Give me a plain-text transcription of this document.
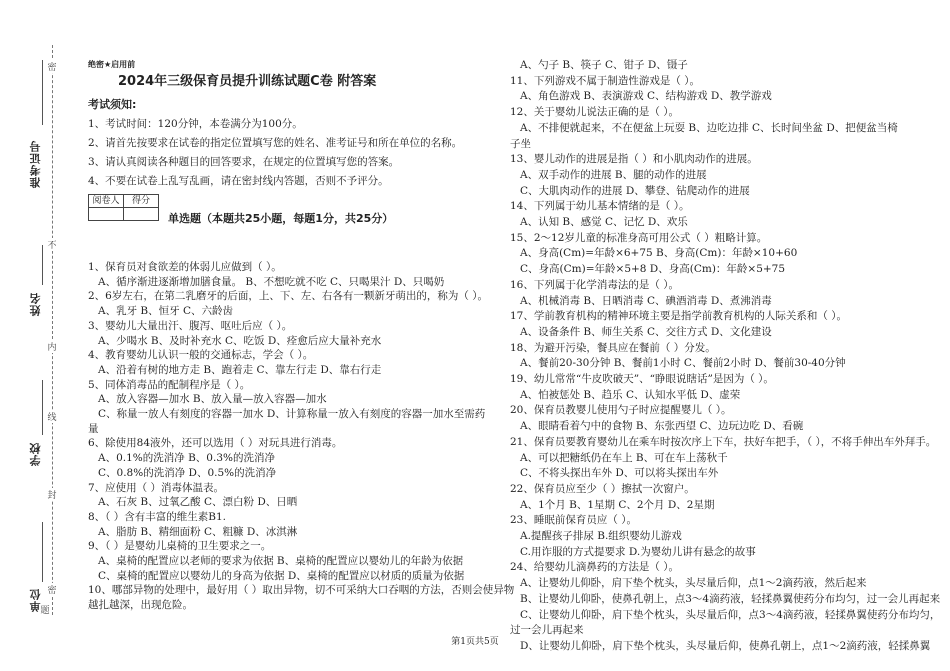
密
不
内
线
封
密
题
准考证号
姓名
学校
单位
绝密★启用前
2024年三级保育员提升训练试题C卷 附答案
考试须知:
1、考试时间：120分钟，本卷满分为100分。
2、请首先按要求在试卷的指定位置填写您的姓名、准考证号和所在单位的名称。
3、请认真阅读各种题目的回答要求，在规定的位置填写您的答案。
4、不要在试卷上乱写乱画，请在密封线内答题，否则不予评分。
阅卷人	得分

单选题（本题共25小题，每题1分，共25分）
1、保育员对食欲差的体弱儿应做到（ ）。
A、循序渐进逐渐增加膳食量。 B、不想吃就不吃 C、只喝果汁 D、只喝奶
2、6岁左右，在第二乳磨牙的后面，上、下、左、右各有一颗新牙萌出的，称为（ ）。
A、乳牙 B、恒牙 C、六龄齿
3、婴幼儿大量出汗、腹泻、呕吐后应（ ）。
A、少喝水 B、及时补充水 C、吃饭 D、痊愈后应大量补充水
4、教育婴幼儿认识一般的交通标志，学会（ ）。
A、沿着有树的地方走 B、跑着走 C、靠左行走 D、靠右行走
5、同体消毒品的配制程序是（ ）。
A、放入容器—加水 B、放入量—放入容器—加水
C、称量一放人有刻度的容器一加水 D、计算称量一放入有刻度的容器一加水至需药
量
6、除使用84液外，还可以选用（ ）对玩具进行消毒。
A、0.1%的洗消净 B、0.3%的洗消净
C、0.8%的洗消净 D、0.5%的洗消净
7、应使用（ ）消毒体温表。
A、石灰 B、过氧乙酸 C、漂白粉 D、日晒
8、（ ）含有丰富的维生素B1.
A、脂肪 B、精细面粉 C、粗糠 D、冰淇淋
9、（ ）是婴幼儿桌椅的卫生要求之一。
A、桌椅的配置应以老师的要求为依据 B、桌椅的配置应以婴幼儿的年龄为依据
C、桌椅的配置应以婴幼儿的身高为依据 D、桌椅的配置应以材质的质量为依据
10、哪部异物的处理中，最好用（ ）取出异物，切不可采纳大口吞咽的方法，否则会使异物
越扎越深，出现危险。
A、勺子 B、筷子 C、钳子 D、镊子
11、下列游戏不属于制造性游戏是（ ）。
A、角色游戏 B、表演游戏 C、结构游戏 D、教学游戏
12、关于婴幼儿说法正确的是（ ）。
A、不排便就起来，不在便盆上玩耍 B、边吃边排 C、长时间坐盆 D、把便盆当椅
子坐
13、婴儿动作的进展是指（ ）和小肌肉动作的进展。
A、双手动作的进展 B、腿的动作的进展
C、大肌肉动作的进展 D、攀登、钻爬动作的进展
14、下列属于幼儿基本情绪的是（ ）。
A、认知 B、感觉 C、记忆 D、欢乐
15、2～12岁儿童的标准身高可用公式（ ）粗略计算。
A、身高(Cm)=年龄×6+75 B、身高(Cm)：年龄×10+60
C、身高(Cm)=年龄×5+8 D、身高(Cm)：年龄×5+75
16、下列属于化学消毒法的是（ ）。
A、机械消毒 B、日晒消毒 C、碘酒消毒 D、煮沸消毒
17、学前教育机构的精神环境主要是指学前教育机构的人际关系和（ ）。
A、设备条件 B、师生关系 C、交往方式 D、文化建设
18、为避开污染，餐具应在餐前（ ）分发。
A、餐前20-30分钟 B、餐前1小时 C、餐前2小时 D、餐前30-40分钟
19、幼儿常常“牛皮吹破天”、“睁眼说瞎话”是因为（ ）。
A、怕被惩处 B、趋乐 C、认知水平低 D、虚荣
20、保育员教婴儿使用勺子时应提醒婴儿（ ）。
A、眼睛看着勺中的食物 B、东张西望 C、边玩边吃 D、看碗
21、保育员要教育婴幼儿在乘车时按次序上下车，扶好车把手，（ ），不将手伸出车外拜手。
A、可以把糖纸仍在车上 B、可在车上荡秋千
C、不将头探出车外 D、可以将头探出车外
22、保育员应至少（ ）擦拭一次窗户。
A、1个月 B、1星期 C、2个月 D、2星期
23、睡眠前保育员应（ ）。
A.提醒孩子排尿 B.组织婴幼儿游戏
C.用诈服的方式提要求 D.为婴幼儿讲有悬念的故事
24、给婴幼儿滴鼻药的方法是（ ）。
A、让婴幼儿仰卧，肩下垫个枕头，头尽量后仰，点1～2滴药液，然后起来
B、让婴幼儿仰卧，使鼻孔朝上，点3～4滴药液，轻揉鼻翼使药分布均匀，过一会儿再起来
C、让婴幼儿仰卧，肩下垫个枕头，头尽量后仰，点3～4滴药液，轻揉鼻翼使药分布均匀，
过一会儿再起来
D、让婴幼儿仰卧，肩下垫个枕头，头尽量后仰，使鼻孔朝上，点1～2滴药液，轻揉鼻翼
第1页共5页
